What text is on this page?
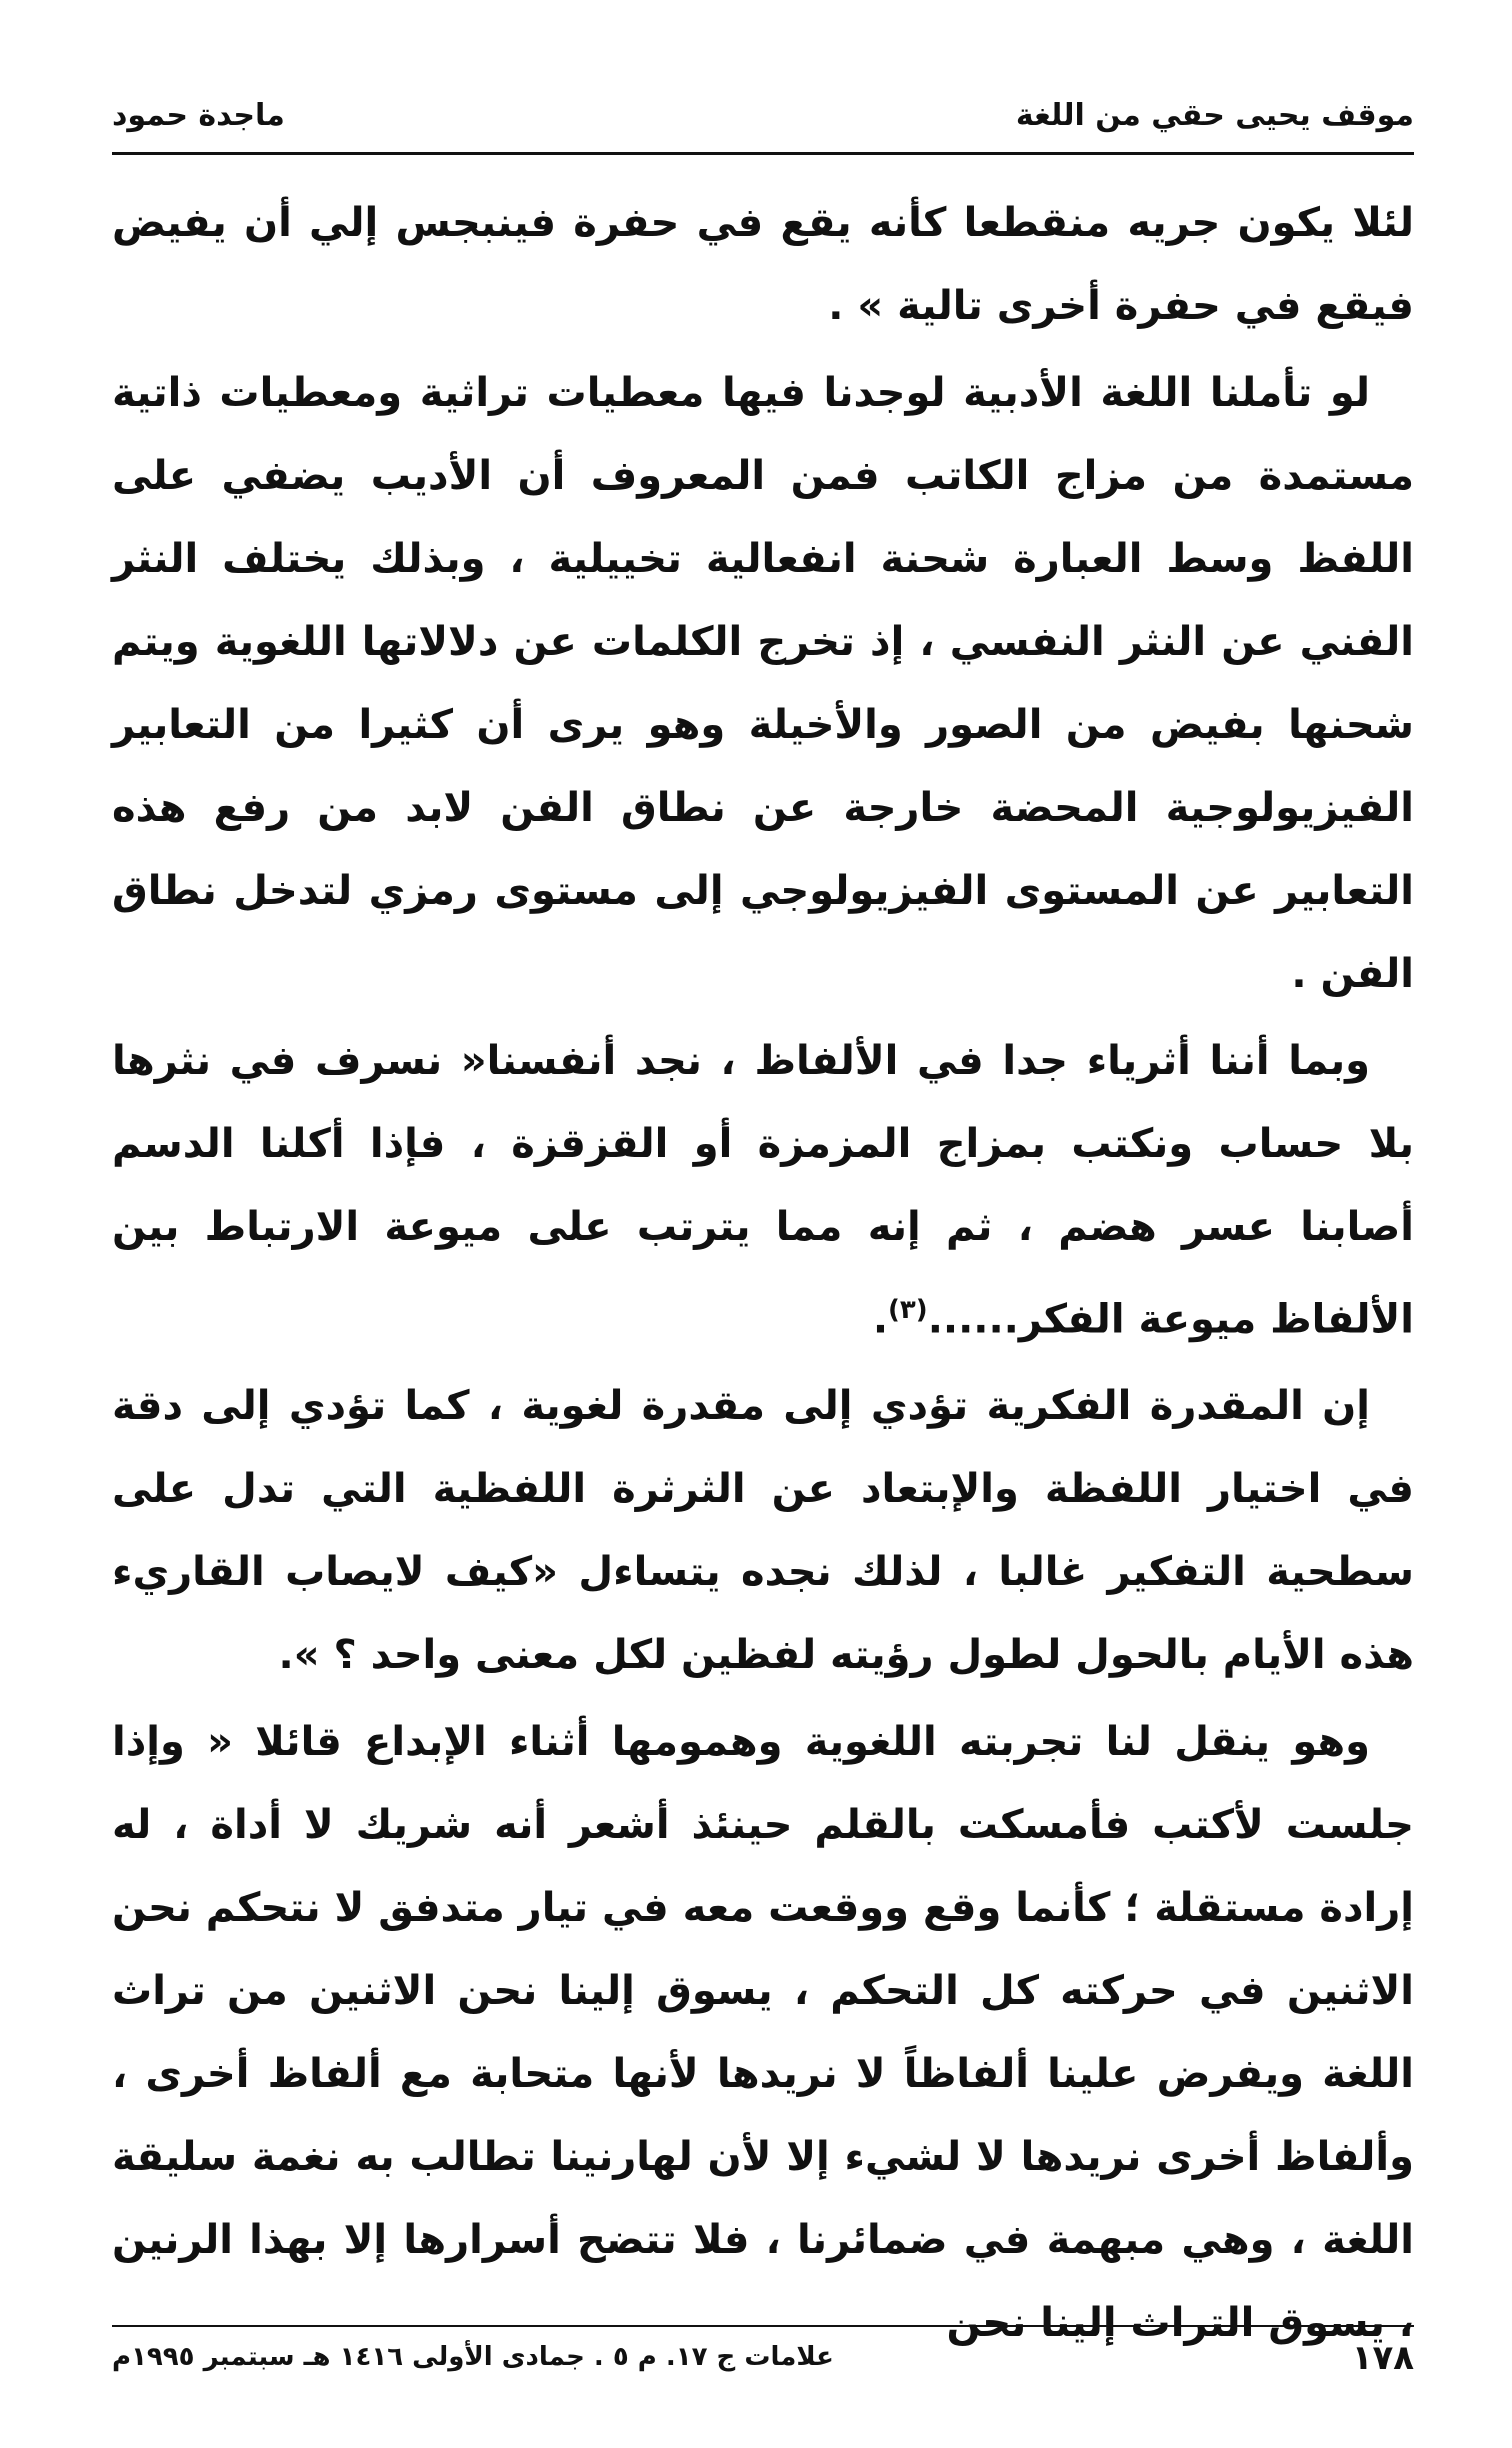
موقف يحيى حقي من اللغة
ماجدة حمود

لئلا يكون جريه منقطعا كأنه يقع في حفرة فينبجس إلي أن يفيض فيقع في حفرة أخرى تالية » .

لو تأملنا اللغة الأدبية لوجدنا فيها معطيات تراثية ومعطيات ذاتية مستمدة من مزاج الكاتب فمن المعروف أن الأديب يضفي على اللفظ وسط العبارة شحنة انفعالية تخييلية ، وبذلك يختلف النثر الفني عن النثر النفسي ، إذ تخرج الكلمات عن دلالاتها اللغوية ويتم شحنها بفيض من الصور والأخيلة وهو يرى أن كثيرا من التعابير الفيزيولوجية المحضة خارجة عن نطاق الفن لابد من رفع هذه التعابير عن المستوى الفيزيولوجي إلى مستوى رمزي لتدخل نطاق الفن .

وبما أننا أثرياء جدا في الألفاظ ، نجد أنفسنا« نسرف في نثرها بلا حساب ونكتب بمزاج المزمزة أو القزقزة ، فإذا أكلنا الدسم أصابنا عسر هضم ، ثم إنه مما يترتب على ميوعة الارتباط بين الألفاظ ميوعة الفكر......$^{(٣)}$.

إن المقدرة الفكرية تؤدي إلى مقدرة لغوية ، كما تؤدي إلى دقة في اختيار اللفظة والإبتعاد عن الثرثرة اللفظية التي تدل على سطحية التفكير غالبا ، لذلك نجده يتساءل «كيف لايصاب القاريء هذه الأيام بالحول لطول رؤيته لفظين لكل معنى واحد ؟ ».

وهو ينقل لنا تجربته اللغوية وهمومها أثناء الإبداع قائلا « وإذا جلست لأكتب فأمسكت بالقلم حينئذ أشعر أنه شريك لا أداة ، له إرادة مستقلة ؛ كأنما وقع ووقعت معه في تيار متدفق لا نتحكم نحن الاثنين في حركته كل التحكم ، يسوق إلينا نحن الاثنين من تراث اللغة ويفرض علينا ألفاظاً لا نريدها لأنها متحابة مع ألفاظ أخرى ، وألفاظ أخرى نريدها لا لشيء إلا لأن لهارنينا تطالب به نغمة سليقة اللغة ، وهي مبهمة في ضمائرنا ، فلا تتضح أسرارها إلا بهذا الرنين ، يسوق التراث إلينا نحن

١٧٨
علامات ج ١٧. م ٥ . جمادى الأولى ١٤١٦ هـ سبتمبر ١٩٩٥م
